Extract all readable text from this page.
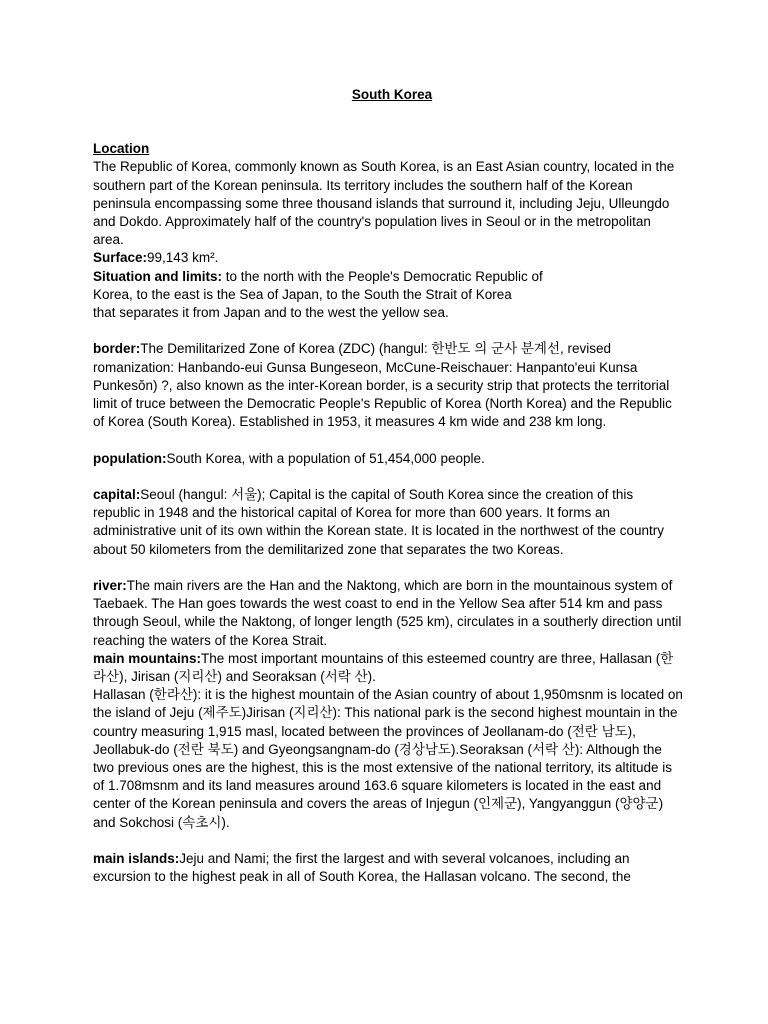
South Korea

Location

The Republic of Korea, commonly known as South Korea, is an East Asian country, located in the southern part of the Korean peninsula. Its territory includes the southern half of the Korean peninsula encompassing some three thousand islands that surround it, including Jeju, Ulleungdo and Dokdo. Approximately half of the country's population lives in Seoul or in the metropolitan area.

Surface:99,143 km².

Situation and limits: to the north with the People's Democratic Republic of
Korea, to the east is the Sea of Japan, to the South the Strait of Korea
that separates it from Japan and to the west the yellow sea.

border:The Demilitarized Zone of Korea (ZDC) (hangul: 한반도 의 군사 분계선, revised romanization: Hanbando-eui Gunsa Bungeseon, McCune-Reischauer: Hanpanto'eui Kunsa Punkesŏn) ?, also known as the inter-Korean border, is a security strip that protects the territorial limit of truce between the Democratic People's Republic of Korea (North Korea) and the Republic of Korea (South Korea). Established in 1953, it measures 4 km wide and 238 km long.

population:South Korea, with a population of 51,454,000 people.

capital:Seoul (hangul: 서울); Capital is the capital of South Korea since the creation of this republic in 1948 and the historical capital of Korea for more than 600 years. It forms an administrative unit of its own within the Korean state. It is located in the northwest of the country about 50 kilometers from the demilitarized zone that separates the two Koreas.

river:The main rivers are the Han and the Naktong, which are born in the mountainous system of Taebaek. The Han goes towards the west coast to end in the Yellow Sea after 514 km and pass through Seoul, while the Naktong, of longer length (525 km), circulates in a southerly direction until reaching the waters of the Korea Strait.

main mountains:The most important mountains of this esteemed country are three, Hallasan (한라산), Jirisan (지리산) and Seoraksan (서락 산).

Hallasan (한라산): it is the highest mountain of the Asian country of about 1,950msnm is located on the island of Jeju (제주도)Jirisan (지리산): This national park is the second highest mountain in the country measuring 1,915 masl, located between the provinces of Jeollanam-do (전란 남도), Jeollabuk-do (전란 북도) and Gyeongsangnam-do (경상남도).Seoraksan (서락 산): Although the two previous ones are the highest, this is the most extensive of the national territory, its altitude is of 1.708msnm and its land measures around 163.6 square kilometers is located in the east and center of the Korean peninsula and covers the areas of Injegun (인제군), Yangyanggun (양양군) and Sokchosi (속초시).

main islands:Jeju and Nami; the first the largest and with several volcanoes, including an excursion to the highest peak in all of South Korea, the Hallasan volcano. The second, the
